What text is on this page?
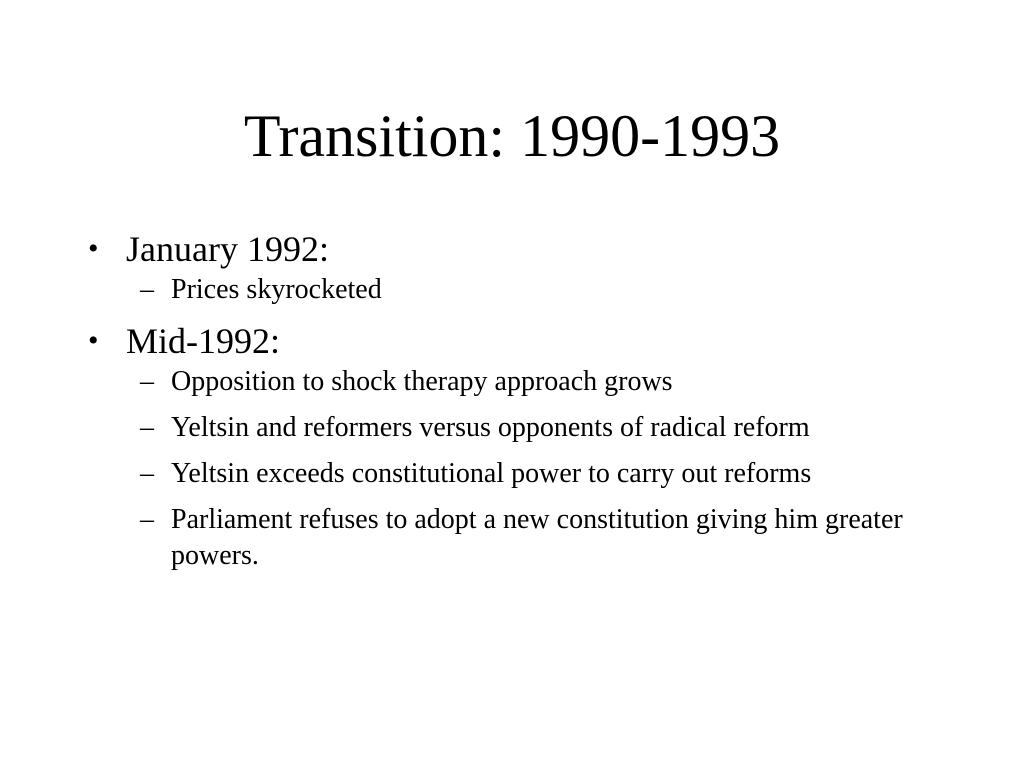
Transition: 1990-1993
• January 1992:
– Prices skyrocketed
• Mid-1992:
– Opposition to shock therapy approach grows
– Yeltsin and reformers versus opponents of radical reform
– Yeltsin exceeds constitutional power to carry out reforms
– Parliament refuses to adopt a new constitution giving him greater powers.
